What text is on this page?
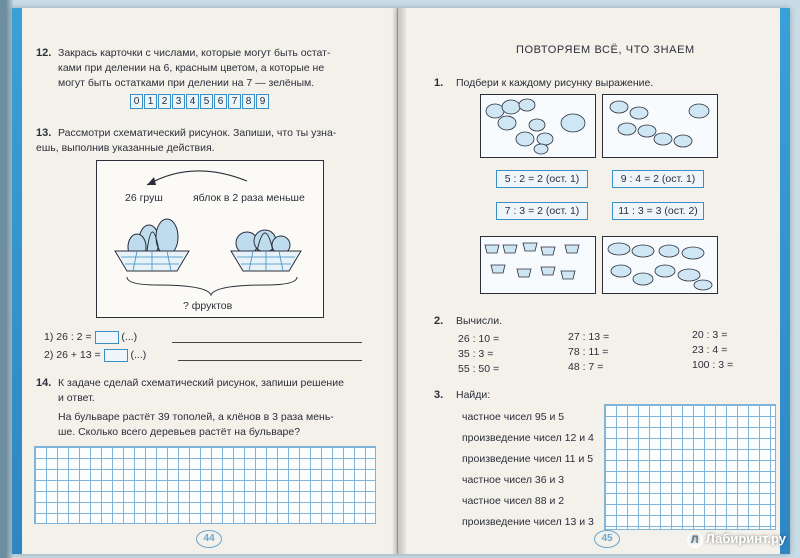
12. Закрась карточки с числами, которые могут быть остат-
ками при делении на 6, красным цветом, а которые не
могут быть остатками при делении на 7 — зелёным.
0 1 2 3 4 5 6 7 8 9
13. Рассмотри схематический рисунок. Запиши, что ты узна-
ешь, выполнив указанные действия.
26 груш	яблок в 2 раза меньше
? фруктов
1) 26 : 2 =	(...)
2) 26 + 13 =	(...)
14. К задаче сделай схематический рисунок, запиши решение
и ответ.
На бульваре растёт 39 тополей, а клёнов в 3 раза мень-
ше. Сколько всего деревьев растёт на бульваре?
44
ПОВТОРЯЕМ ВСЁ, ЧТО ЗНАЕМ
1. Подбери к каждому рисунку выражение.
5 : 2 = 2 (ост. 1)	9 : 4 = 2 (ост. 1)
7 : 3 = 2 (ост. 1)	11 : 3 = 3 (ост. 2)
2. Вычисли.
26 : 10 =
35 : 3 =
55 : 50 =
27 : 13 =
78 : 11 =
48 : 7 =
20 : 3 =
23 : 4 =
100 : 3 =
3. Найди:
частное чисел 95 и 5
произведение чисел 12 и 4
произведение чисел 11 и 5
частное чисел 36 и 3
частное чисел 88 и 2
произведение чисел 13 и 3
45	Л Лабиринт.ру
